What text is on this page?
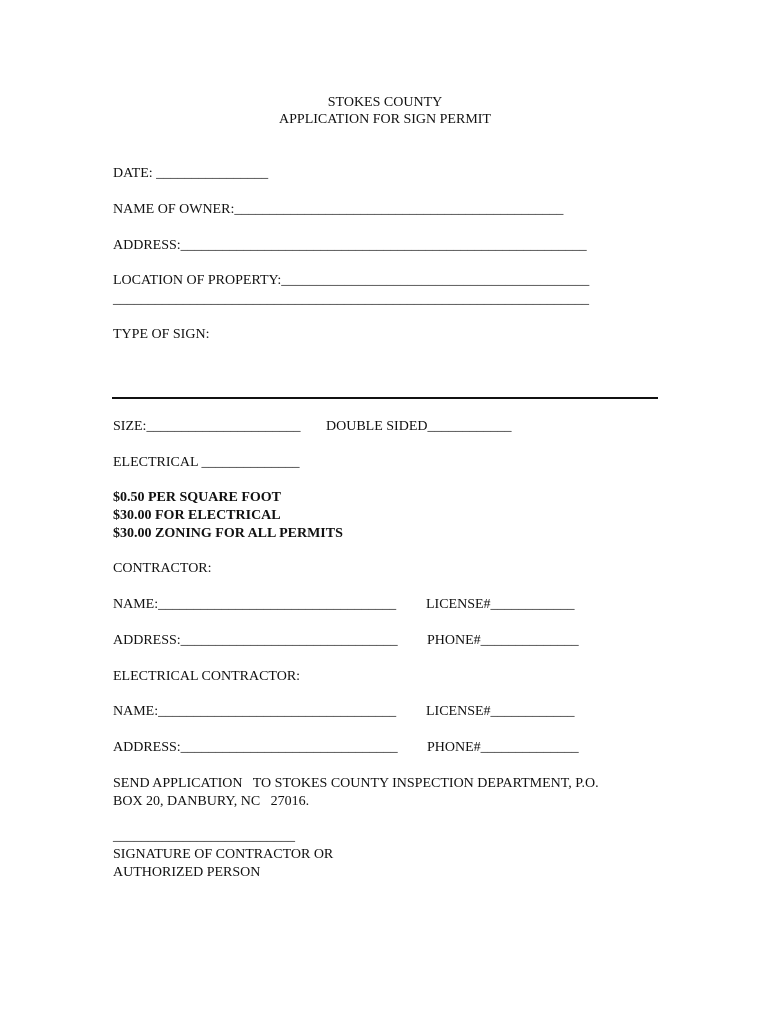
STOKES COUNTY
APPLICATION FOR SIGN PERMIT
DATE: ________________
NAME OF OWNER:_______________________________________________
ADDRESS:__________________________________________________________
LOCATION OF PROPERTY:____________________________________________
____________________________________________________________________
TYPE OF SIGN:
SIZE:______________________ DOUBLE SIDED____________
ELECTRICAL ______________
$0.50 PER SQUARE FOOT
$30.00 FOR ELECTRICAL
$30.00 ZONING FOR ALL PERMITS
CONTRACTOR:
NAME:__________________________________ LICENSE#____________
ADDRESS:_______________________________ PHONE#______________
ELECTRICAL CONTRACTOR:
NAME:__________________________________ LICENSE#____________
ADDRESS:_______________________________ PHONE#______________
SEND APPLICATION   TO STOKES COUNTY INSPECTION DEPARTMENT, P.O.
BOX 20, DANBURY, NC   27016.
__________________________
SIGNATURE OF CONTRACTOR OR
AUTHORIZED PERSON
